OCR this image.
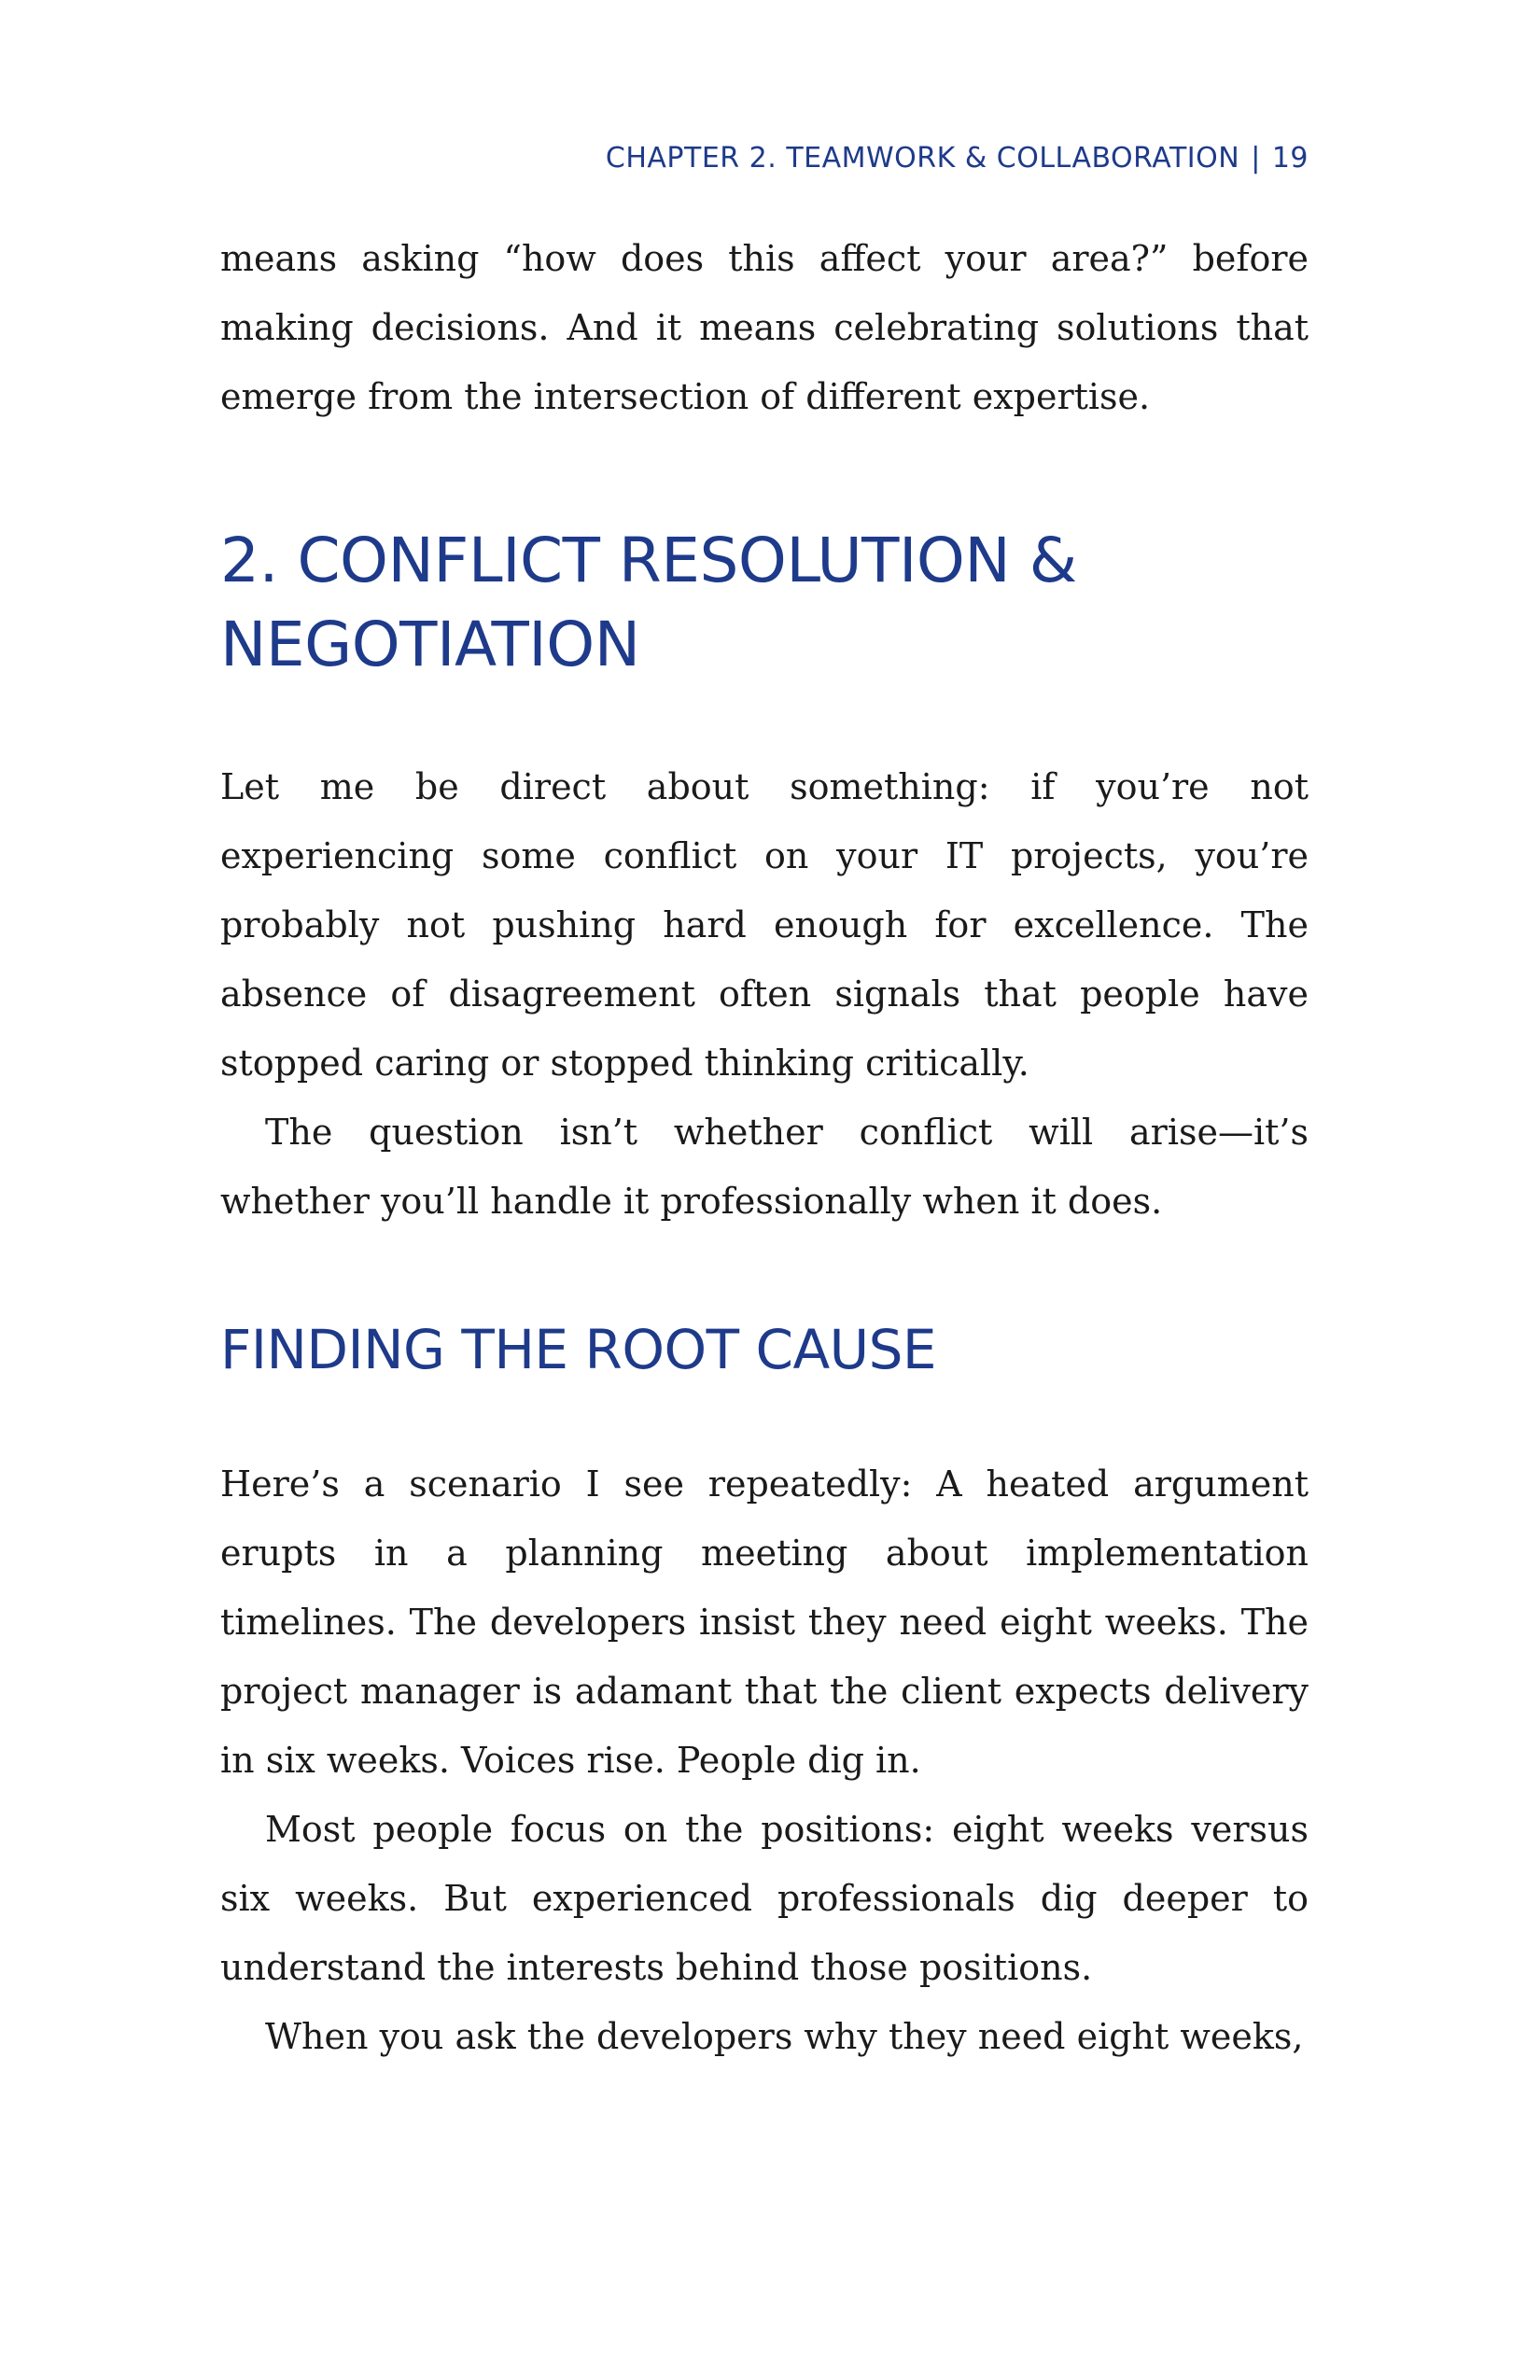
CHAPTER 2. TEAMWORK & COLLABORATION | 19

means asking “how does this affect your area?” before making decisions. And it means celebrating solutions that emerge from the intersection of different expertise.

2. CONFLICT RESOLUTION & NEGOTIATION

Let me be direct about something: if you’re not experiencing some conflict on your IT projects, you’re probably not pushing hard enough for excellence. The absence of disagreement often signals that people have stopped caring or stopped thinking critically.

The question isn’t whether conflict will arise—it’s whether you’ll handle it professionally when it does.

FINDING THE ROOT CAUSE

Here’s a scenario I see repeatedly: A heated argument erupts in a planning meeting about implementation timelines. The developers insist they need eight weeks. The project manager is adamant that the client expects delivery in six weeks. Voices rise. People dig in.

Most people focus on the positions: eight weeks versus six weeks. But experienced professionals dig deeper to understand the interests behind those positions.

When you ask the developers why they need eight weeks,
